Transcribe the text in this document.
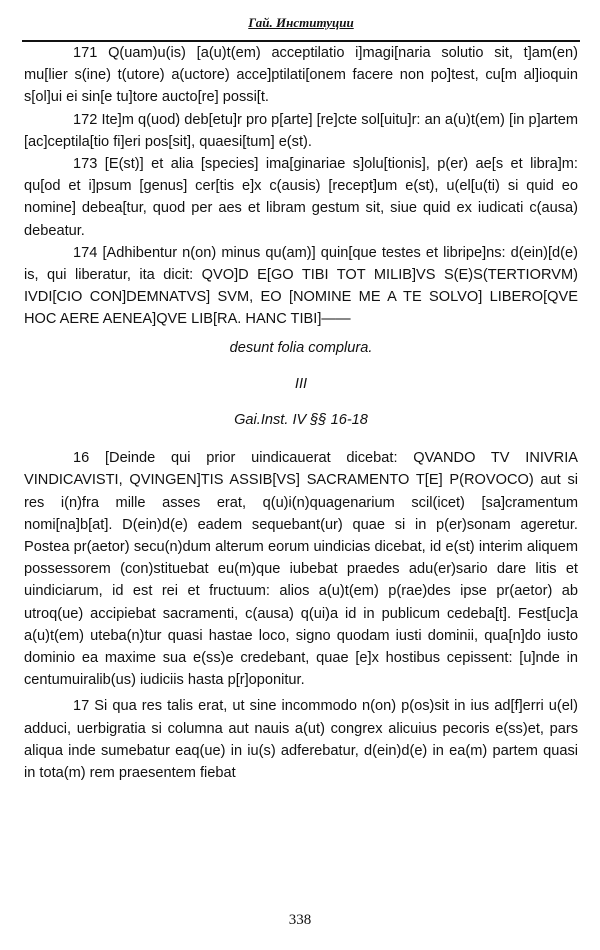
Гай. Институции

171 Q(uam)u(is) [a(u)t(em) acceptilatio i]magi[naria solutio sit, t]am(en) mu[lier s(ine) t(utore) a(uctore) acce]ptilati[onem facere non po]test, cu[m al]ioquin s[ol]ui ei sin[e tu]tore aucto[re] possi[t.

172 Ite]m q(uod) deb[etu]r pro p[arte] [re]cte sol[uitu]r: an a(u)t(em) [in p]artem [ac]ceptila[tio fi]eri pos[sit], quaesi[tum] e(st).

173 [E(st)] et alia [species] ima[ginariae s]olu[tionis], p(er) ae[s et libra]m: qu[od et i]psum [genus] cer[tis e]x c(ausis) [recept]um e(st), u(el[u(ti) si quid eo nomine] debea[tur, quod per aes et libram gestum sit, siue quid ex iudicati c(ausa) debeatur.

174 [Adhibentur n(on) minus qu(am)] quin[que testes et libripe]ns: d(ein)[d(e) is, qui liberatur, ita dicit: QVO]D E[GO TIBI TOT MILIB]VS S(E)S(TERTIORVM) IVDI[CIO CON]DEMNATVS] SVM, EO [NOMINE ME A TE SOLVO] LIBERO[QVE HOC AERE AENEA]QVE LIB[RA. HANC TIBI]——

desunt folia complura.

III

Gai.Inst. IV §§ 16-18

16 [Deinde qui prior uindicauerat dicebat: QVANDO TV INIVRIA VINDICAVISTI, QVINGEN]TIS ASSIB[VS] SACRAMENTO T[E] P(ROVOCO) aut si res i(n)fra mille asses erat, q(u)i(n)quagenarium scil(icet) [sa]cramentum nomi[na]b[at]. D(ein)d(e) eadem sequebant(ur) quae si in p(er)sonam ageretur. Postea pr(aetor) secu(n)dum alterum eorum uindicias dicebat, id e(st) interim aliquem possessorem (con)stituebat eu(m)que iubebat praedes adu(er)sario dare litis et uindiciarum, id est rei et fructuum: alios a(u)t(em) p(rae)des ipse pr(aetor) ab utroq(ue) accipiebat sacramenti, c(ausa) q(ui)a id in publicum cedeba[t]. Fest[uc]a a(u)t(em) uteba(n)tur quasi hastae loco, signo quodam iusti dominii, qua[n]do iusto dominio ea maxime sua e(ss)e credebant, quae [e]x hostibus cepissent: [u]nde in centumuiralib(us) iudiciis hasta p[r]oponitur.

17 Si qua res talis erat, ut sine incommodo n(on) p(os)sit in ius ad[f]erri u(el) adduci, uerbigratia si columna aut nauis a(ut) congrex alicuius pecoris e(ss)et, pars aliqua inde sumebatur eaq(ue) in iu(s) adferebatur, d(ein)d(e) in ea(m) partem quasi in tota(m) rem praesentem fiebat

338
